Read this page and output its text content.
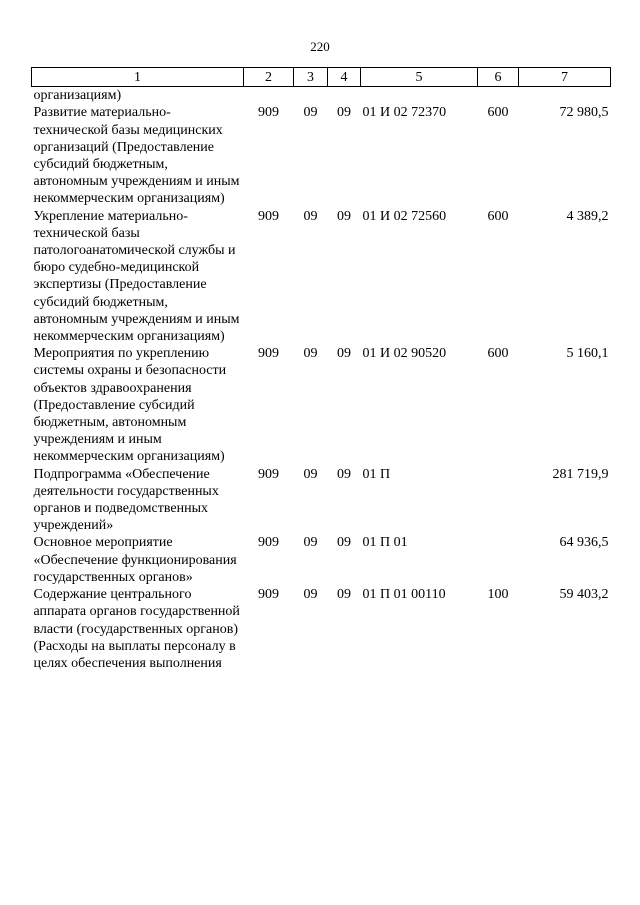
220
1	2	3	4	5	6	7
организациям)						
Развитие материально-технической базы медицинских организаций (Предоставление субсидий бюджетным, автономным учреждениям и иным некоммерческим организациям)	909	09	09	01 И 02 72370	600	72 980,5
Укрепление материально-технической базы патологоанатомической службы и бюро судебно-медицинской экспертизы (Предоставление субсидий бюджетным, автономным учреждениям и иным некоммерческим организациям)	909	09	09	01 И 02 72560	600	4 389,2
Мероприятия по укреплению системы охраны и безопасности объектов здравоохранения (Предоставление субсидий бюджетным, автономным учреждениям и иным некоммерческим организациям)	909	09	09	01 И 02 90520	600	5 160,1
Подпрограмма «Обеспечение деятельности государственных органов и подведомственных учреждений»	909	09	09	01 П		281 719,9
Основное мероприятие «Обеспечение функционирования государственных органов»	909	09	09	01 П 01		64 936,5
Содержание центрального аппарата органов государственной власти (государственных органов) (Расходы на выплаты персоналу в целях обеспечения выполнения	909	09	09	01 П 01 00110	100	59 403,2
